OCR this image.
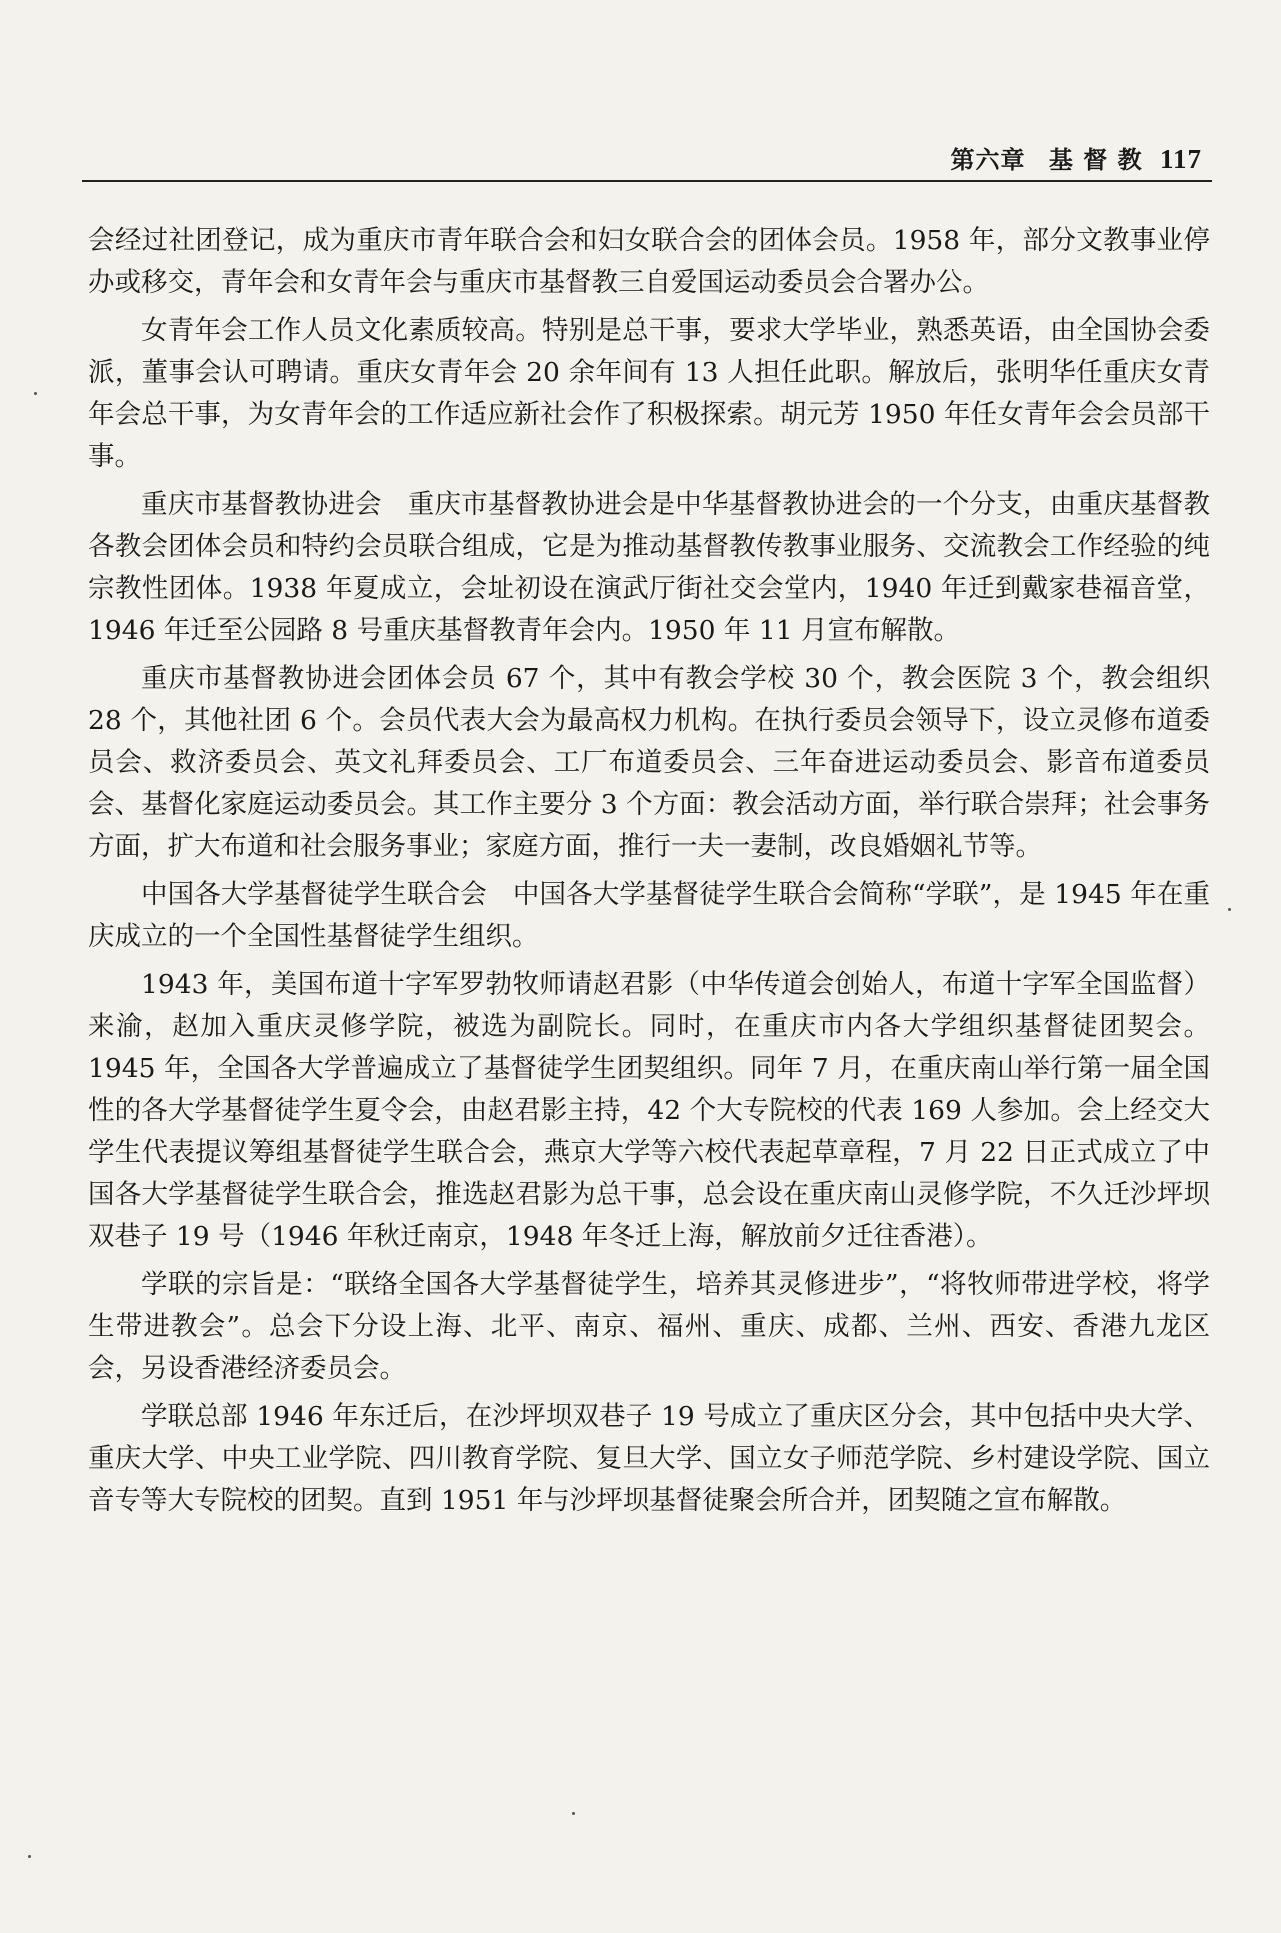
第六章 基 督 教 117

会经过社团登记，成为重庆市青年联合会和妇女联合会的团体会员。1958 年，部分文教事业停办或移交，青年会和女青年会与重庆市基督教三自爱国运动委员会合署办公。

女青年会工作人员文化素质较高。特别是总干事，要求大学毕业，熟悉英语，由全国协会委派，董事会认可聘请。重庆女青年会 20 余年间有 13 人担任此职。解放后，张明华任重庆女青年会总干事，为女青年会的工作适应新社会作了积极探索。胡元芳 1950 年任女青年会会员部干事。

重庆市基督教协进会 重庆市基督教协进会是中华基督教协进会的一个分支，由重庆基督教各教会团体会员和特约会员联合组成，它是为推动基督教传教事业服务、交流教会工作经验的纯宗教性团体。1938 年夏成立，会址初设在演武厅街社交会堂内，1940 年迁到戴家巷福音堂，1946 年迁至公园路 8 号重庆基督教青年会内。1950 年 11 月宣布解散。

重庆市基督教协进会团体会员 67 个，其中有教会学校 30 个，教会医院 3 个，教会组织 28 个，其他社团 6 个。会员代表大会为最高权力机构。在执行委员会领导下，设立灵修布道委员会、救济委员会、英文礼拜委员会、工厂布道委员会、三年奋进运动委员会、影音布道委员会、基督化家庭运动委员会。其工作主要分 3 个方面：教会活动方面，举行联合崇拜；社会事务方面，扩大布道和社会服务事业；家庭方面，推行一夫一妻制，改良婚姻礼节等。

中国各大学基督徒学生联合会 中国各大学基督徒学生联合会简称“学联”，是 1945 年在重庆成立的一个全国性基督徒学生组织。

1943 年，美国布道十字军罗勃牧师请赵君影（中华传道会创始人，布道十字军全国监督）来渝，赵加入重庆灵修学院，被选为副院长。同时，在重庆市内各大学组织基督徒团契会。1945 年，全国各大学普遍成立了基督徒学生团契组织。同年 7 月，在重庆南山举行第一届全国性的各大学基督徒学生夏令会，由赵君影主持，42 个大专院校的代表 169 人参加。会上经交大学生代表提议筹组基督徒学生联合会，燕京大学等六校代表起草章程，7 月 22 日正式成立了中国各大学基督徒学生联合会，推选赵君影为总干事，总会设在重庆南山灵修学院，不久迁沙坪坝双巷子 19 号（1946 年秋迁南京，1948 年冬迁上海，解放前夕迁往香港）。

学联的宗旨是：“联络全国各大学基督徒学生，培养其灵修进步”，“将牧师带进学校，将学生带进教会”。总会下分设上海、北平、南京、福州、重庆、成都、兰州、西安、香港九龙区会，另设香港经济委员会。

学联总部 1946 年东迁后，在沙坪坝双巷子 19 号成立了重庆区分会，其中包括中央大学、重庆大学、中央工业学院、四川教育学院、复旦大学、国立女子师范学院、乡村建设学院、国立音专等大专院校的团契。直到 1951 年与沙坪坝基督徒聚会所合并，团契随之宣布解散。
